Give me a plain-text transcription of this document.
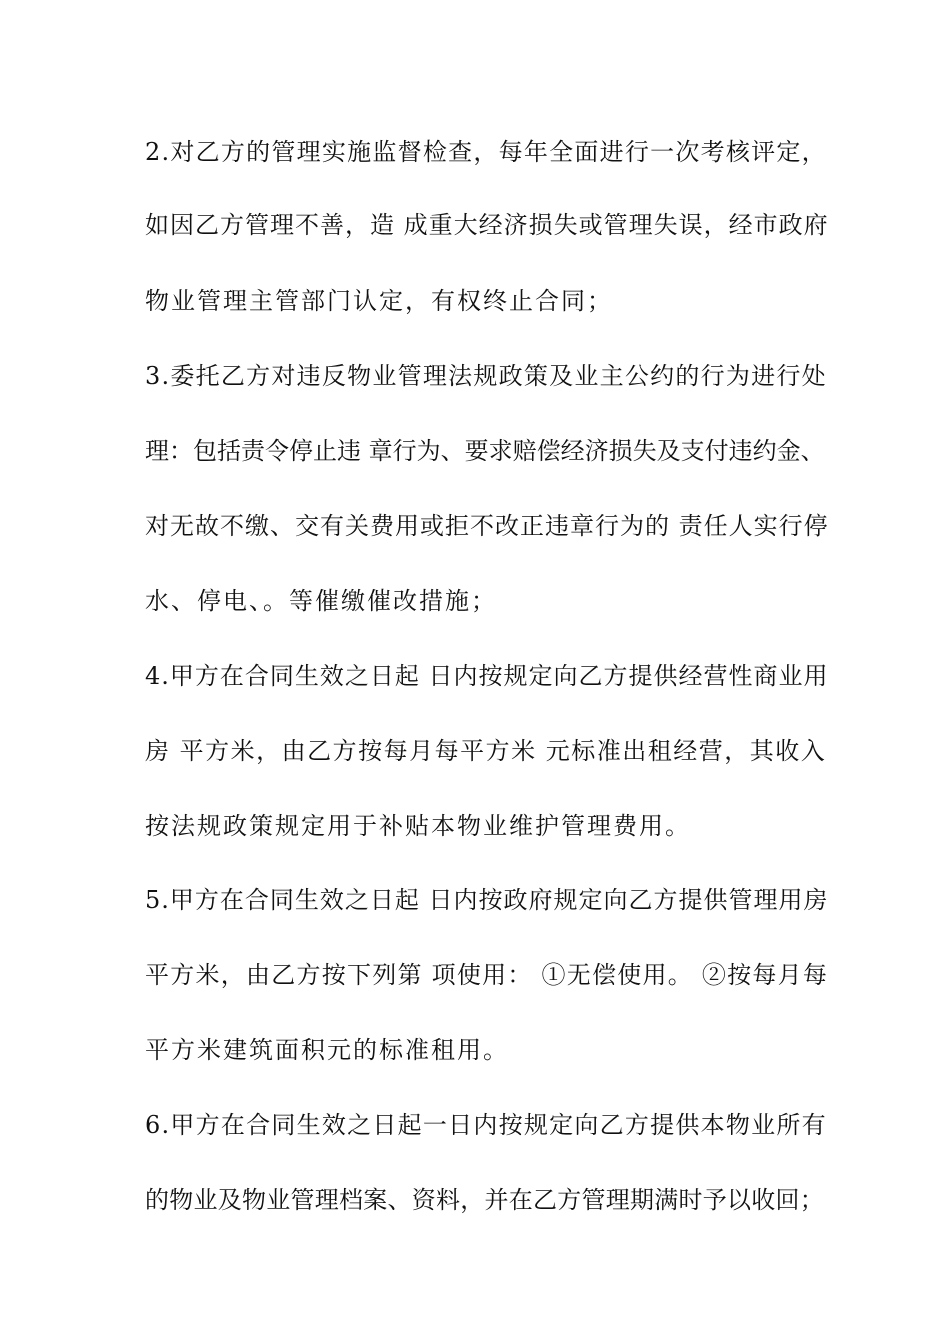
2.对乙方的管理实施监督检查，每年全面进行一次考核评定，
如因乙方管理不善，造 成重大经济损失或管理失误，经市政府
物业管理主管部门认定，有权终止合同；
3.委托乙方对违反物业管理法规政策及业主公约的行为进行处
理：包括责令停止违 章行为、要求赔偿经济损失及支付违约金、
对无故不缴、交有关费用或拒不改正违章行为的 责任人实行停
水、停电、。等催缴催改措施；
4.甲方在合同生效之日起 日内按规定向乙方提供经营性商业用
房 平方米，由乙方按每月每平方米 元标准出租经营，其收入
按法规政策规定用于补贴本物业维护管理费用。
5.甲方在合同生效之日起 日内按政府规定向乙方提供管理用房
平方米，由乙方按下列第 项使用： ①无偿使用。 ②按每月每
平方米建筑面积元的标准租用。
6.甲方在合同生效之日起一日内按规定向乙方提供本物业所有
的物业及物业管理档案、资料，并在乙方管理期满时予以收回；
